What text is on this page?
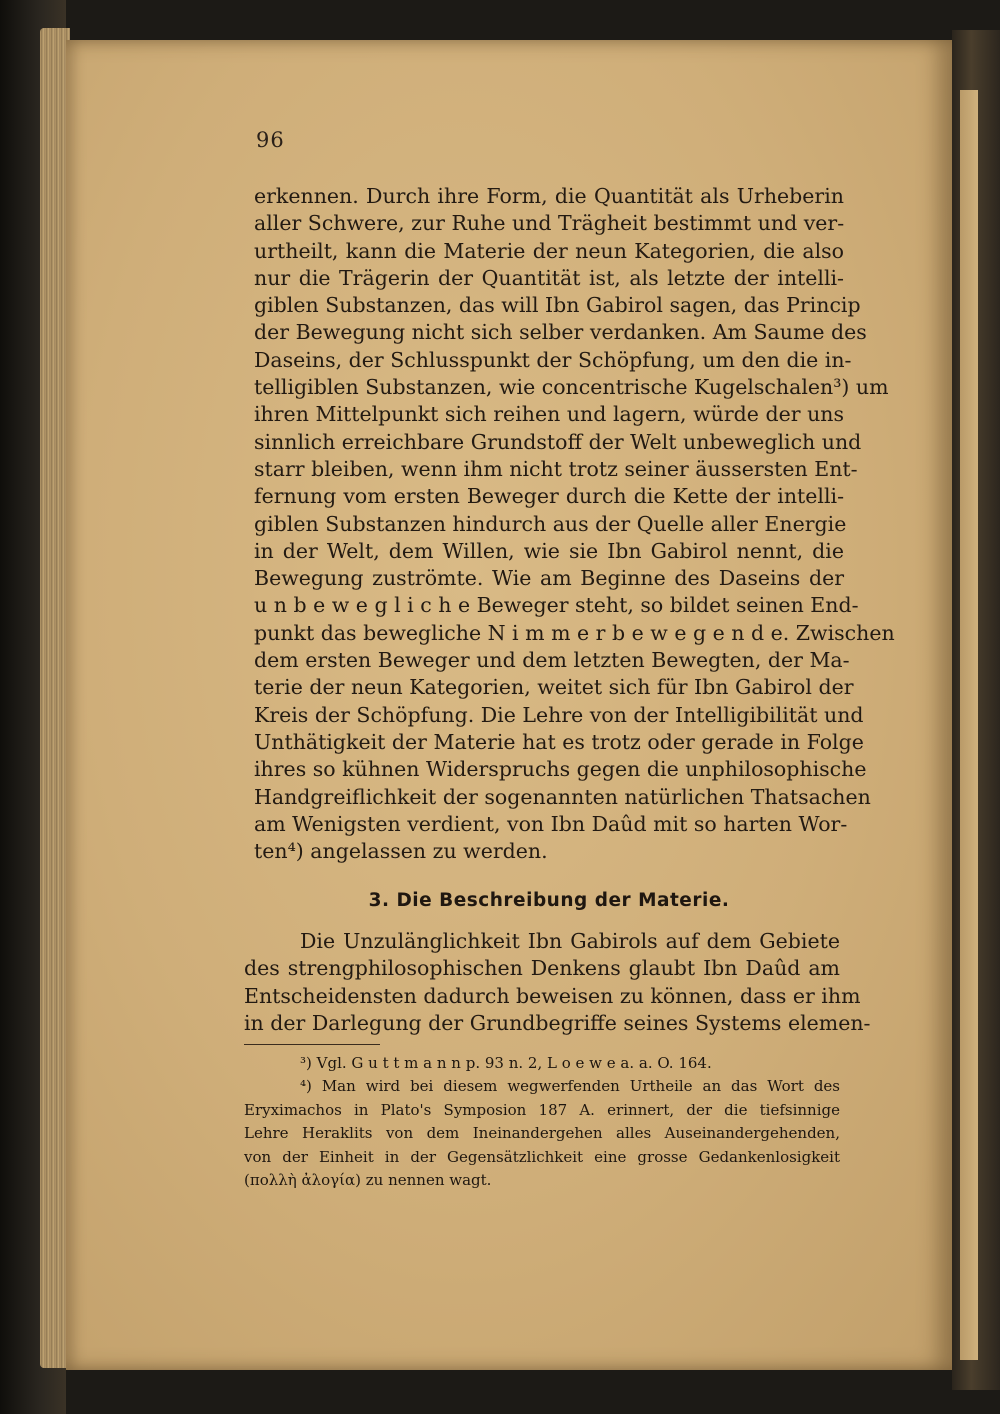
96
erkennen. Durch ihre Form, die Quantität als Urheberin
aller Schwere, zur Ruhe und Trägheit bestimmt und ver-
urtheilt, kann die Materie der neun Kategorien, die also
nur die Trägerin der Quantität ist, als letzte der intelli-
giblen Substanzen, das will Ibn Gabirol sagen, das Princip
der Bewegung nicht sich selber verdanken. Am Saume des
Daseins, der Schlusspunkt der Schöpfung, um den die in-
telligiblen Substanzen, wie concentrische Kugelschalen³) um
ihren Mittelpunkt sich reihen und lagern, würde der uns
sinnlich erreichbare Grundstoff der Welt unbeweglich und
starr bleiben, wenn ihm nicht trotz seiner äussersten Ent-
fernung vom ersten Beweger durch die Kette der intelli-
giblen Substanzen hindurch aus der Quelle aller Energie
in der Welt, dem Willen, wie sie Ibn Gabirol nennt, die
Bewegung zuströmte. Wie am Beginne des Daseins der
u n b e w e g l i c h e Beweger steht, so bildet seinen End-
punkt das bewegliche N i m m e r b e w e g e n d e. Zwischen
dem ersten Beweger und dem letzten Bewegten, der Ma-
terie der neun Kategorien, weitet sich für Ibn Gabirol der
Kreis der Schöpfung. Die Lehre von der Intelligibilität und
Unthätigkeit der Materie hat es trotz oder gerade in Folge
ihres so kühnen Widerspruchs gegen die unphilosophische
Handgreiflichkeit der sogenannten natürlichen Thatsachen
am Wenigsten verdient, von Ibn Daûd mit so harten Wor-
ten⁴) angelassen zu werden.
3. Die Beschreibung der Materie.
Die Unzulänglichkeit Ibn Gabirols auf dem Gebiete
des strengphilosophischen Denkens glaubt Ibn Daûd am
Entscheidensten dadurch beweisen zu können, dass er ihm
in der Darlegung der Grundbegriffe seines Systems elemen-
³) Vgl. G u t t m a n n p. 93 n. 2, L o e w e a. a. O. 164.
⁴) Man wird bei diesem wegwerfenden Urtheile an das Wort des
Eryximachos in Plato's Symposion 187 A. erinnert, der die tiefsinnige
Lehre Heraklits von dem Ineinandergehen alles Auseinandergehenden,
von der Einheit in der Gegensätzlichkeit eine grosse Gedankenlosigkeit
(πολλὴ ἀλογία) zu nennen wagt.
